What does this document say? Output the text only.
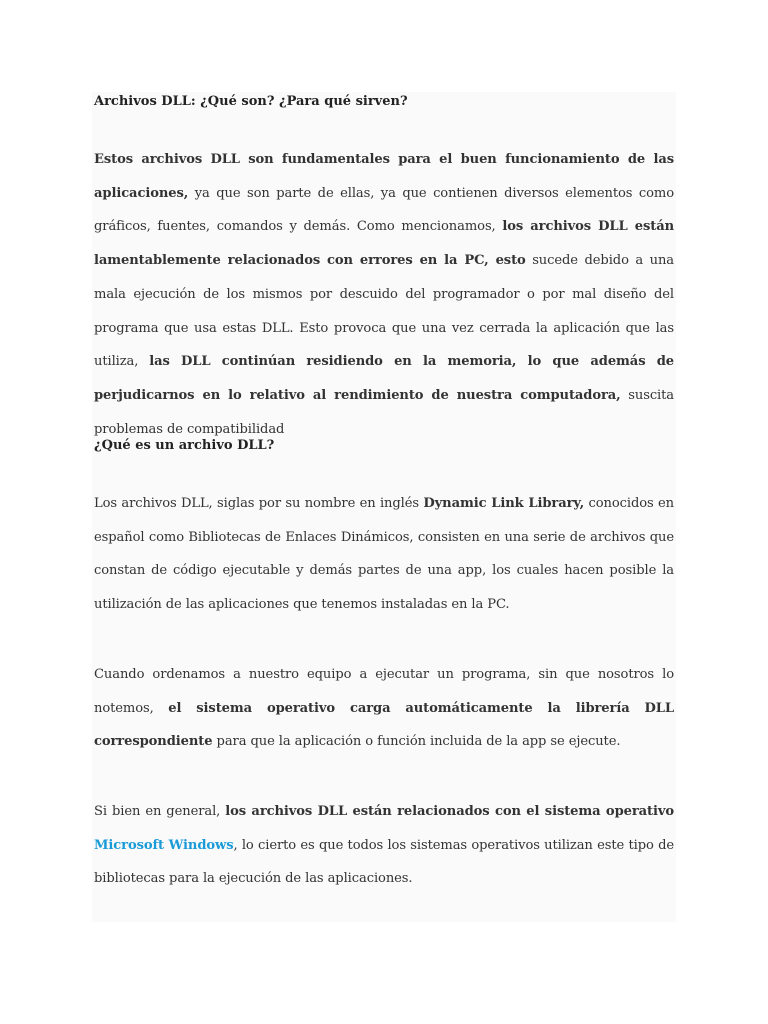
Archivos DLL: ¿Qué son? ¿Para qué sirven?

Estos archivos DLL son fundamentales para el buen funcionamiento de las aplicaciones, ya que son parte de ellas, ya que contienen diversos elementos como gráficos, fuentes, comandos y demás. Como mencionamos, los archivos DLL están lamentablemente relacionados con errores en la PC, esto sucede debido a una mala ejecución de los mismos por descuido del programador o por mal diseño del programa que usa estas DLL. Esto provoca que una vez cerrada la aplicación que las utiliza, las DLL continúan residiendo en la memoria, lo que además de perjudicarnos en lo relativo al rendimiento de nuestra computadora, suscita problemas de compatibilidad

¿Qué es un archivo DLL?

Los archivos DLL, siglas por su nombre en inglés Dynamic Link Library, conocidos en español como Bibliotecas de Enlaces Dinámicos, consisten en una serie de archivos que constan de código ejecutable y demás partes de una app, los cuales hacen posible la utilización de las aplicaciones que tenemos instaladas en la PC.

Cuando ordenamos a nuestro equipo a ejecutar un programa, sin que nosotros lo notemos, el sistema operativo carga automáticamente la librería DLL correspondiente para que la aplicación o función incluida de la app se ejecute.

Si bien en general, los archivos DLL están relacionados con el sistema operativo Microsoft Windows, lo cierto es que todos los sistemas operativos utilizan este tipo de bibliotecas para la ejecución de las aplicaciones.
